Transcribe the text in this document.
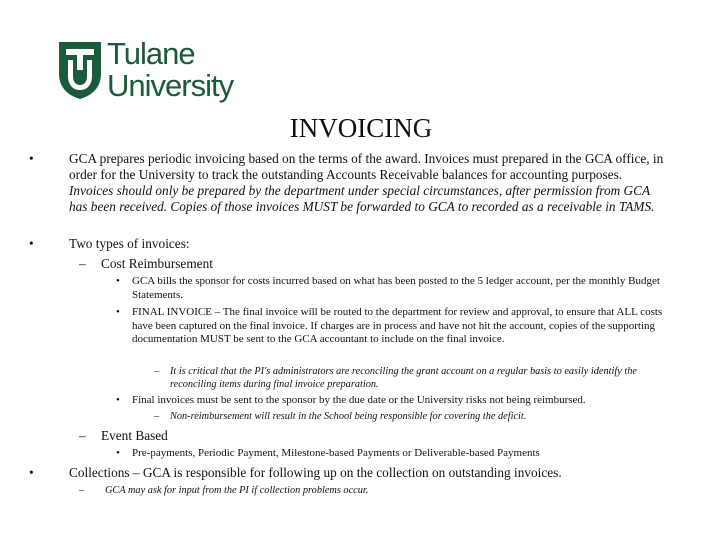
Tulane
University
INVOICING
•	GCA prepares periodic invoicing based on the terms of the award. Invoices must prepared in the GCA office, in order for the University to track the outstanding Accounts Receivable balances for accounting purposes. Invoices should only be prepared by the department under special circumstances, after permission from GCA has been received. Copies of those invoices MUST be forwarded to GCA to recorded as a receivable in TAMS.
•	Two types of invoices:
– Cost Reimbursement
• GCA bills the sponsor for costs incurred based on what has been posted to the 5 ledger account, per the monthly Budget Statements.
• FINAL INVOICE – The final invoice will be routed to the department for review and approval, to ensure that ALL costs have been captured on the final invoice. If charges are in process and have not hit the account, copies of the supporting documentation MUST be sent to the GCA accountant to include on the final invoice.
– It is critical that the PI's administrators are reconciling the grant account on a regular basis to easily identify the reconciling items during final invoice preparation.
• Final invoices must be sent to the sponsor by the due date or the University risks not being reimbursed.
– Non-reimbursement will result in the School being responsible for covering the deficit.
– Event Based
• Pre-payments, Periodic Payment, Milestone-based Payments or Deliverable-based Payments
•	Collections – GCA is responsible for following up on the collection on outstanding invoices.
– GCA may ask for input from the PI if collection problems occur.
